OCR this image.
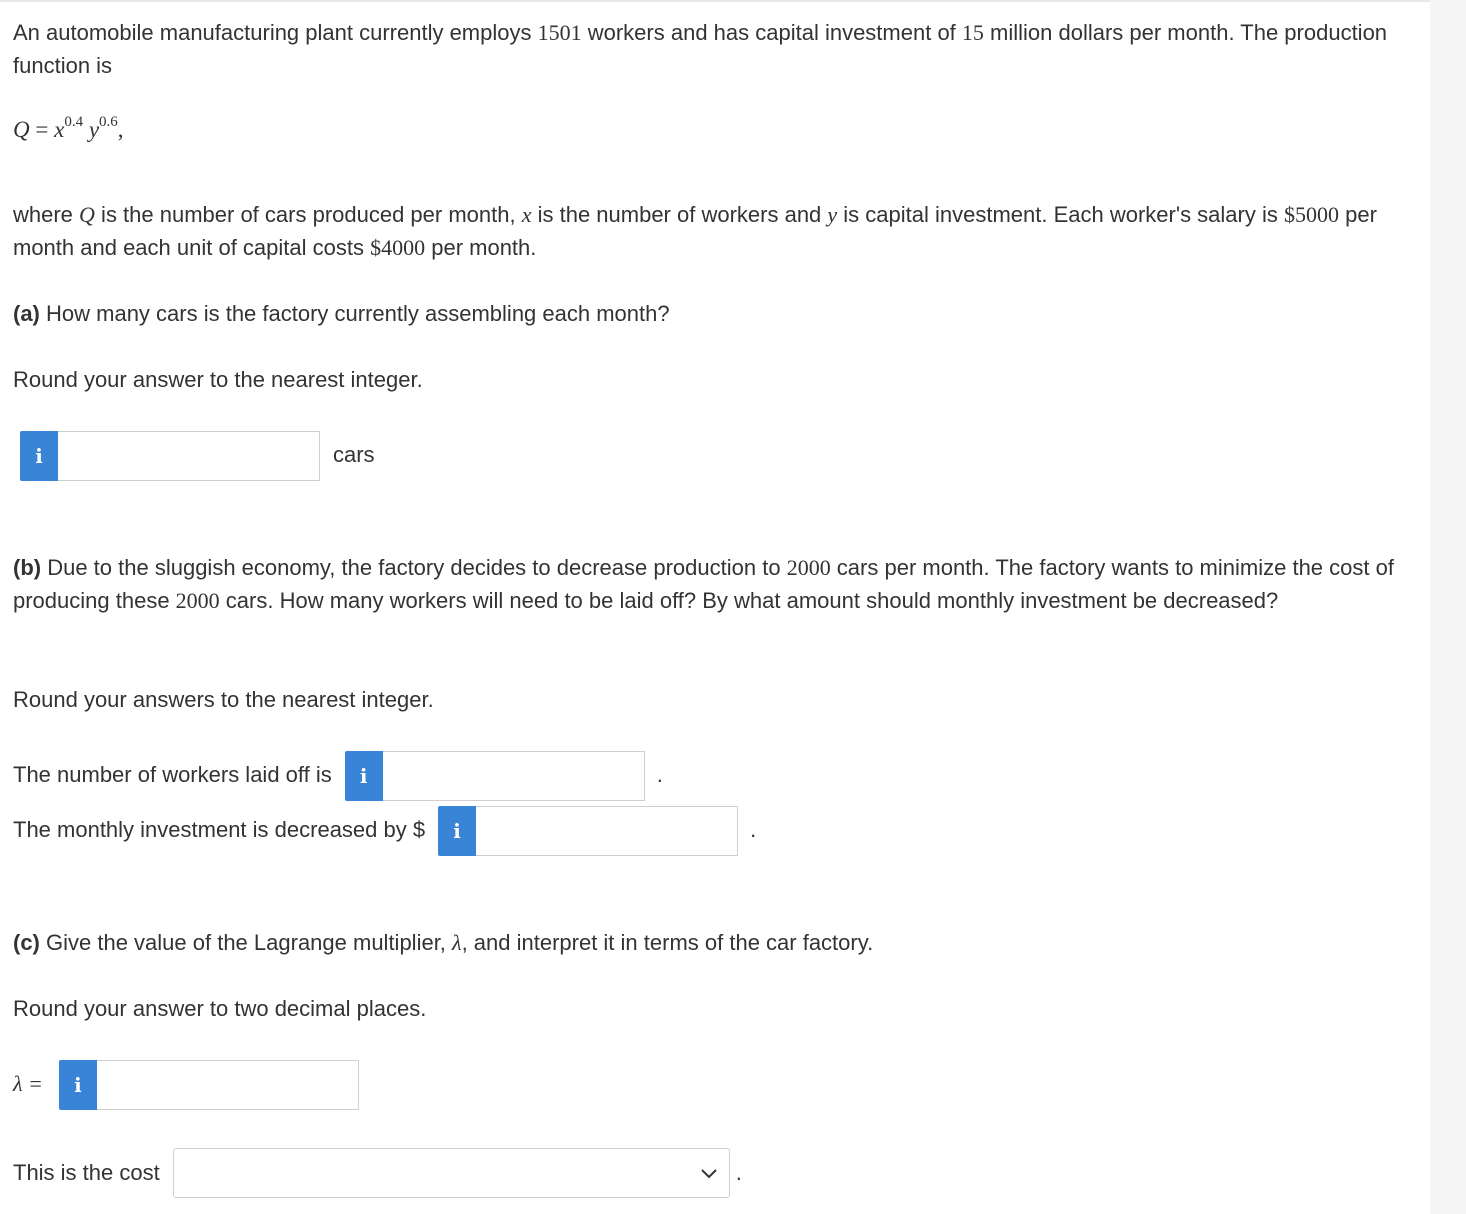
An automobile manufacturing plant currently employs 1501 workers and has capital investment of 15 million dollars per month. The production function is

$Q = x^{0.4}$ $y^{0.6}$,

where Q is the number of cars produced per month, x is the number of workers and y is capital investment. Each worker's salary is $5000 per month and each unit of capital costs $4000 per month.

(a) How many cars is the factory currently assembling each month?

Round your answer to the nearest integer.

i	cars

(b) Due to the sluggish economy, the factory decides to decrease production to 2000 cars per month. The factory wants to minimize the cost of producing these 2000 cars. How many workers will need to be laid off? By what amount should monthly investment be decreased?

Round your answers to the nearest integer.

The number of workers laid off is	i	.
The monthly investment is decreased by $	i	.

(c) Give the value of the Lagrange multiplier, λ, and interpret it in terms of the car factory.

Round your answer to two decimal places.

λ =	i
This is the cost	.
